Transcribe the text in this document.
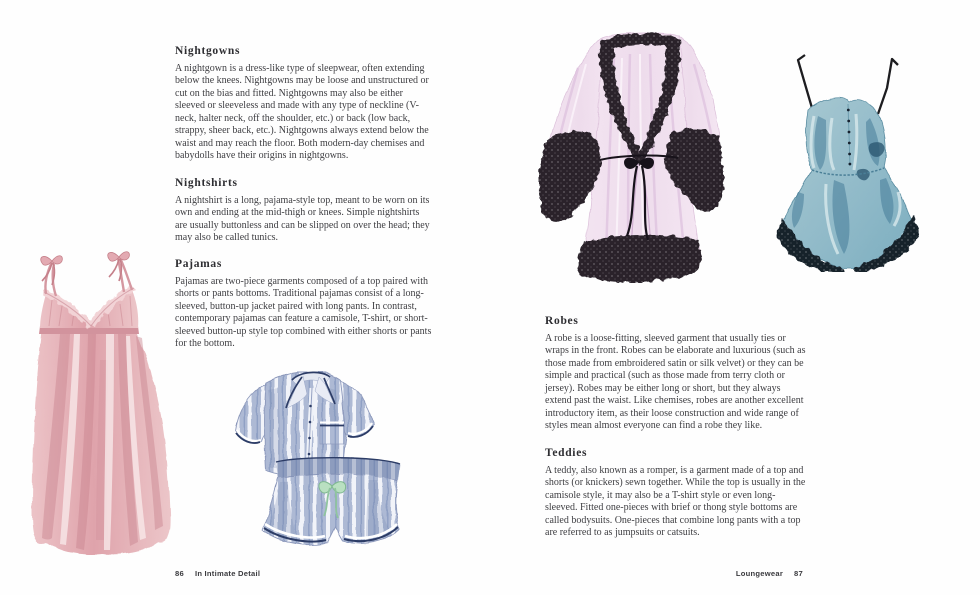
Nightgowns

A nightgown is a dress-like type of sleepwear, often extending below the knees. Nightgowns may be loose and unstructured or cut on the bias and fitted. Nightgowns may also be either sleeved or sleeveless and made with any type of neckline (V-neck, halter neck, off the shoulder, etc.) or back (low back, strappy, sheer back, etc.). Nightgowns always extend below the waist and may reach the floor. Both modern-day chemises and babydolls have their origins in nightgowns.

Nightshirts

A nightshirt is a long, pajama-style top, meant to be worn on its own and ending at the mid-thigh or knees. Simple nightshirts are usually buttonless and can be slipped on over the head; they may also be called tunics.

Pajamas

Pajamas are two-piece garments composed of a top paired with shorts or pants bottoms. Traditional pajamas consist of a long-sleeved, button-up jacket paired with long pants. In contrast, contemporary pajamas can feature a camisole, T-shirt, or short-sleeved button-up style top combined with either shorts or pants for the bottom.

Robes

A robe is a loose-fitting, sleeved garment that usually ties or wraps in the front. Robes can be elaborate and luxurious (such as those made from embroidered satin or silk velvet) or they can be simple and practical (such as those made from terry cloth or jersey). Robes may be either long or short, but they always extend past the waist. Like chemises, robes are another excellent introductory item, as their loose construction and wide range of styles mean almost everyone can find a robe they like.

Teddies

A teddy, also known as a romper, is a garment made of a top and shorts (or knickers) sewn together. While the top is usually in the camisole style, it may also be a T-shirt style or even long-sleeved. Fitted one-pieces with brief or thong style bottoms are called bodysuits. One-pieces that combine long pants with a top are referred to as jumpsuits or catsuits.

86 In Intimate Detail	Loungewear 87
